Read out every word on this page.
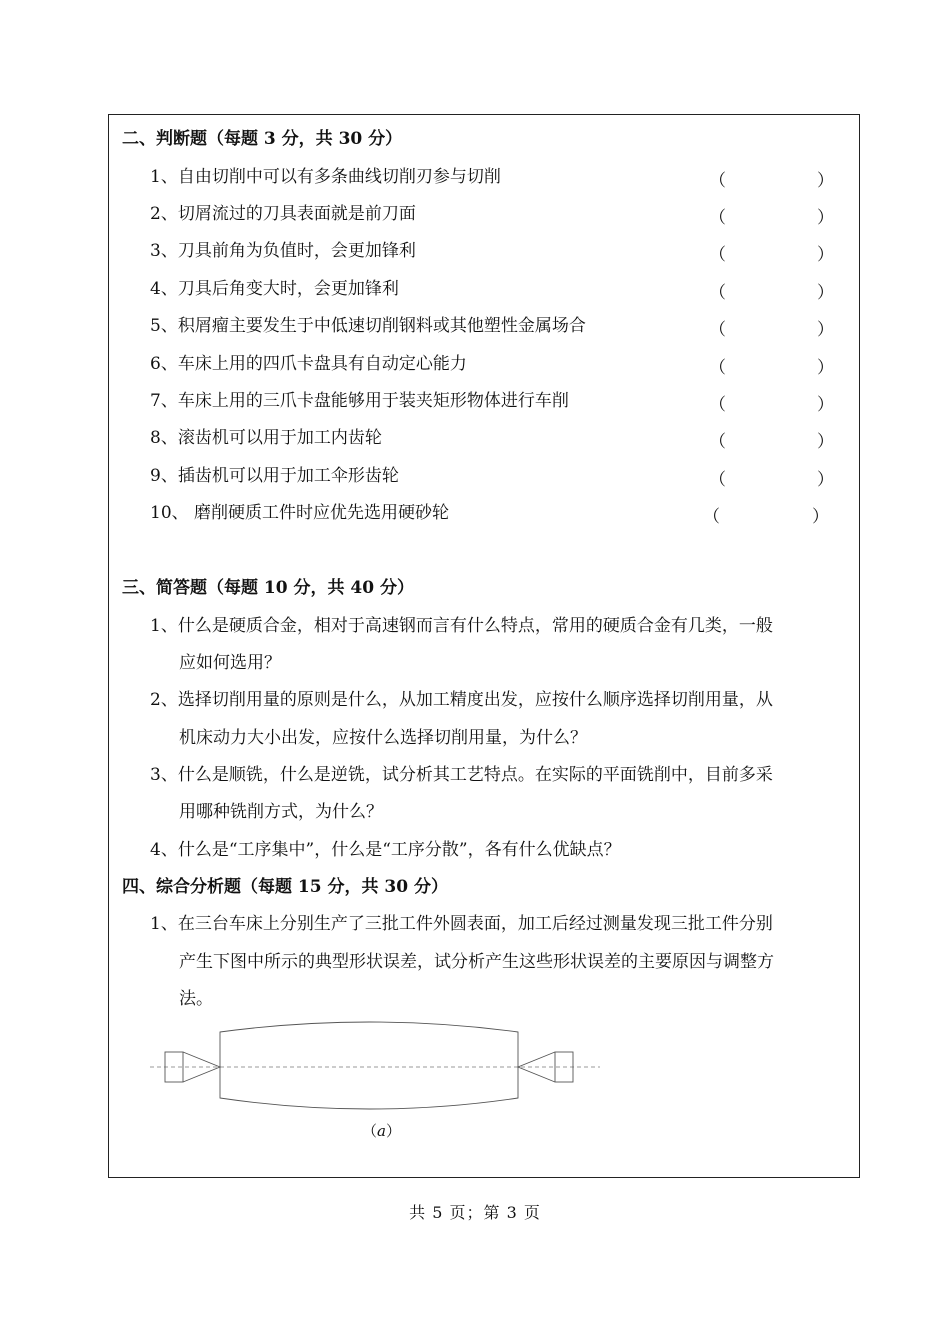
二、判断题（每题 3 分，共 30 分）
1、自由切削中可以有多条曲线切削刃参与切削	（	）
2、切屑流过的刀具表面就是前刀面	（	）
3、刀具前角为负值时，会更加锋利	（	）
4、刀具后角变大时，会更加锋利	（	）
5、积屑瘤主要发生于中低速切削钢料或其他塑性金属场合	（	）
6、车床上用的四爪卡盘具有自动定心能力	（	）
7、车床上用的三爪卡盘能够用于装夹矩形物体进行车削	（	）
8、滚齿机可以用于加工内齿轮	（	）
9、插齿机可以用于加工伞形齿轮	（	）
10、 磨削硬质工件时应优先选用硬砂轮	（	）
三、简答题（每题 10 分，共 40 分）
1、什么是硬质合金，相对于高速钢而言有什么特点，常用的硬质合金有几类，一般
应如何选用？
2、选择切削用量的原则是什么，从加工精度出发，应按什么顺序选择切削用量，从
机床动力大小出发，应按什么选择切削用量，为什么？
3、什么是顺铣，什么是逆铣，试分析其工艺特点。在实际的平面铣削中，目前多采
用哪种铣削方式，为什么？
4、什么是“工序集中”，什么是“工序分散”，各有什么优缺点？
四、综合分析题（每题 15 分，共 30 分）
1、在三台车床上分别生产了三批工件外圆表面，加工后经过测量发现三批工件分别
产生下图中所示的典型形状误差，试分析产生这些形状误差的主要原因与调整方
法。
（a）
共 5 页；第 3 页
